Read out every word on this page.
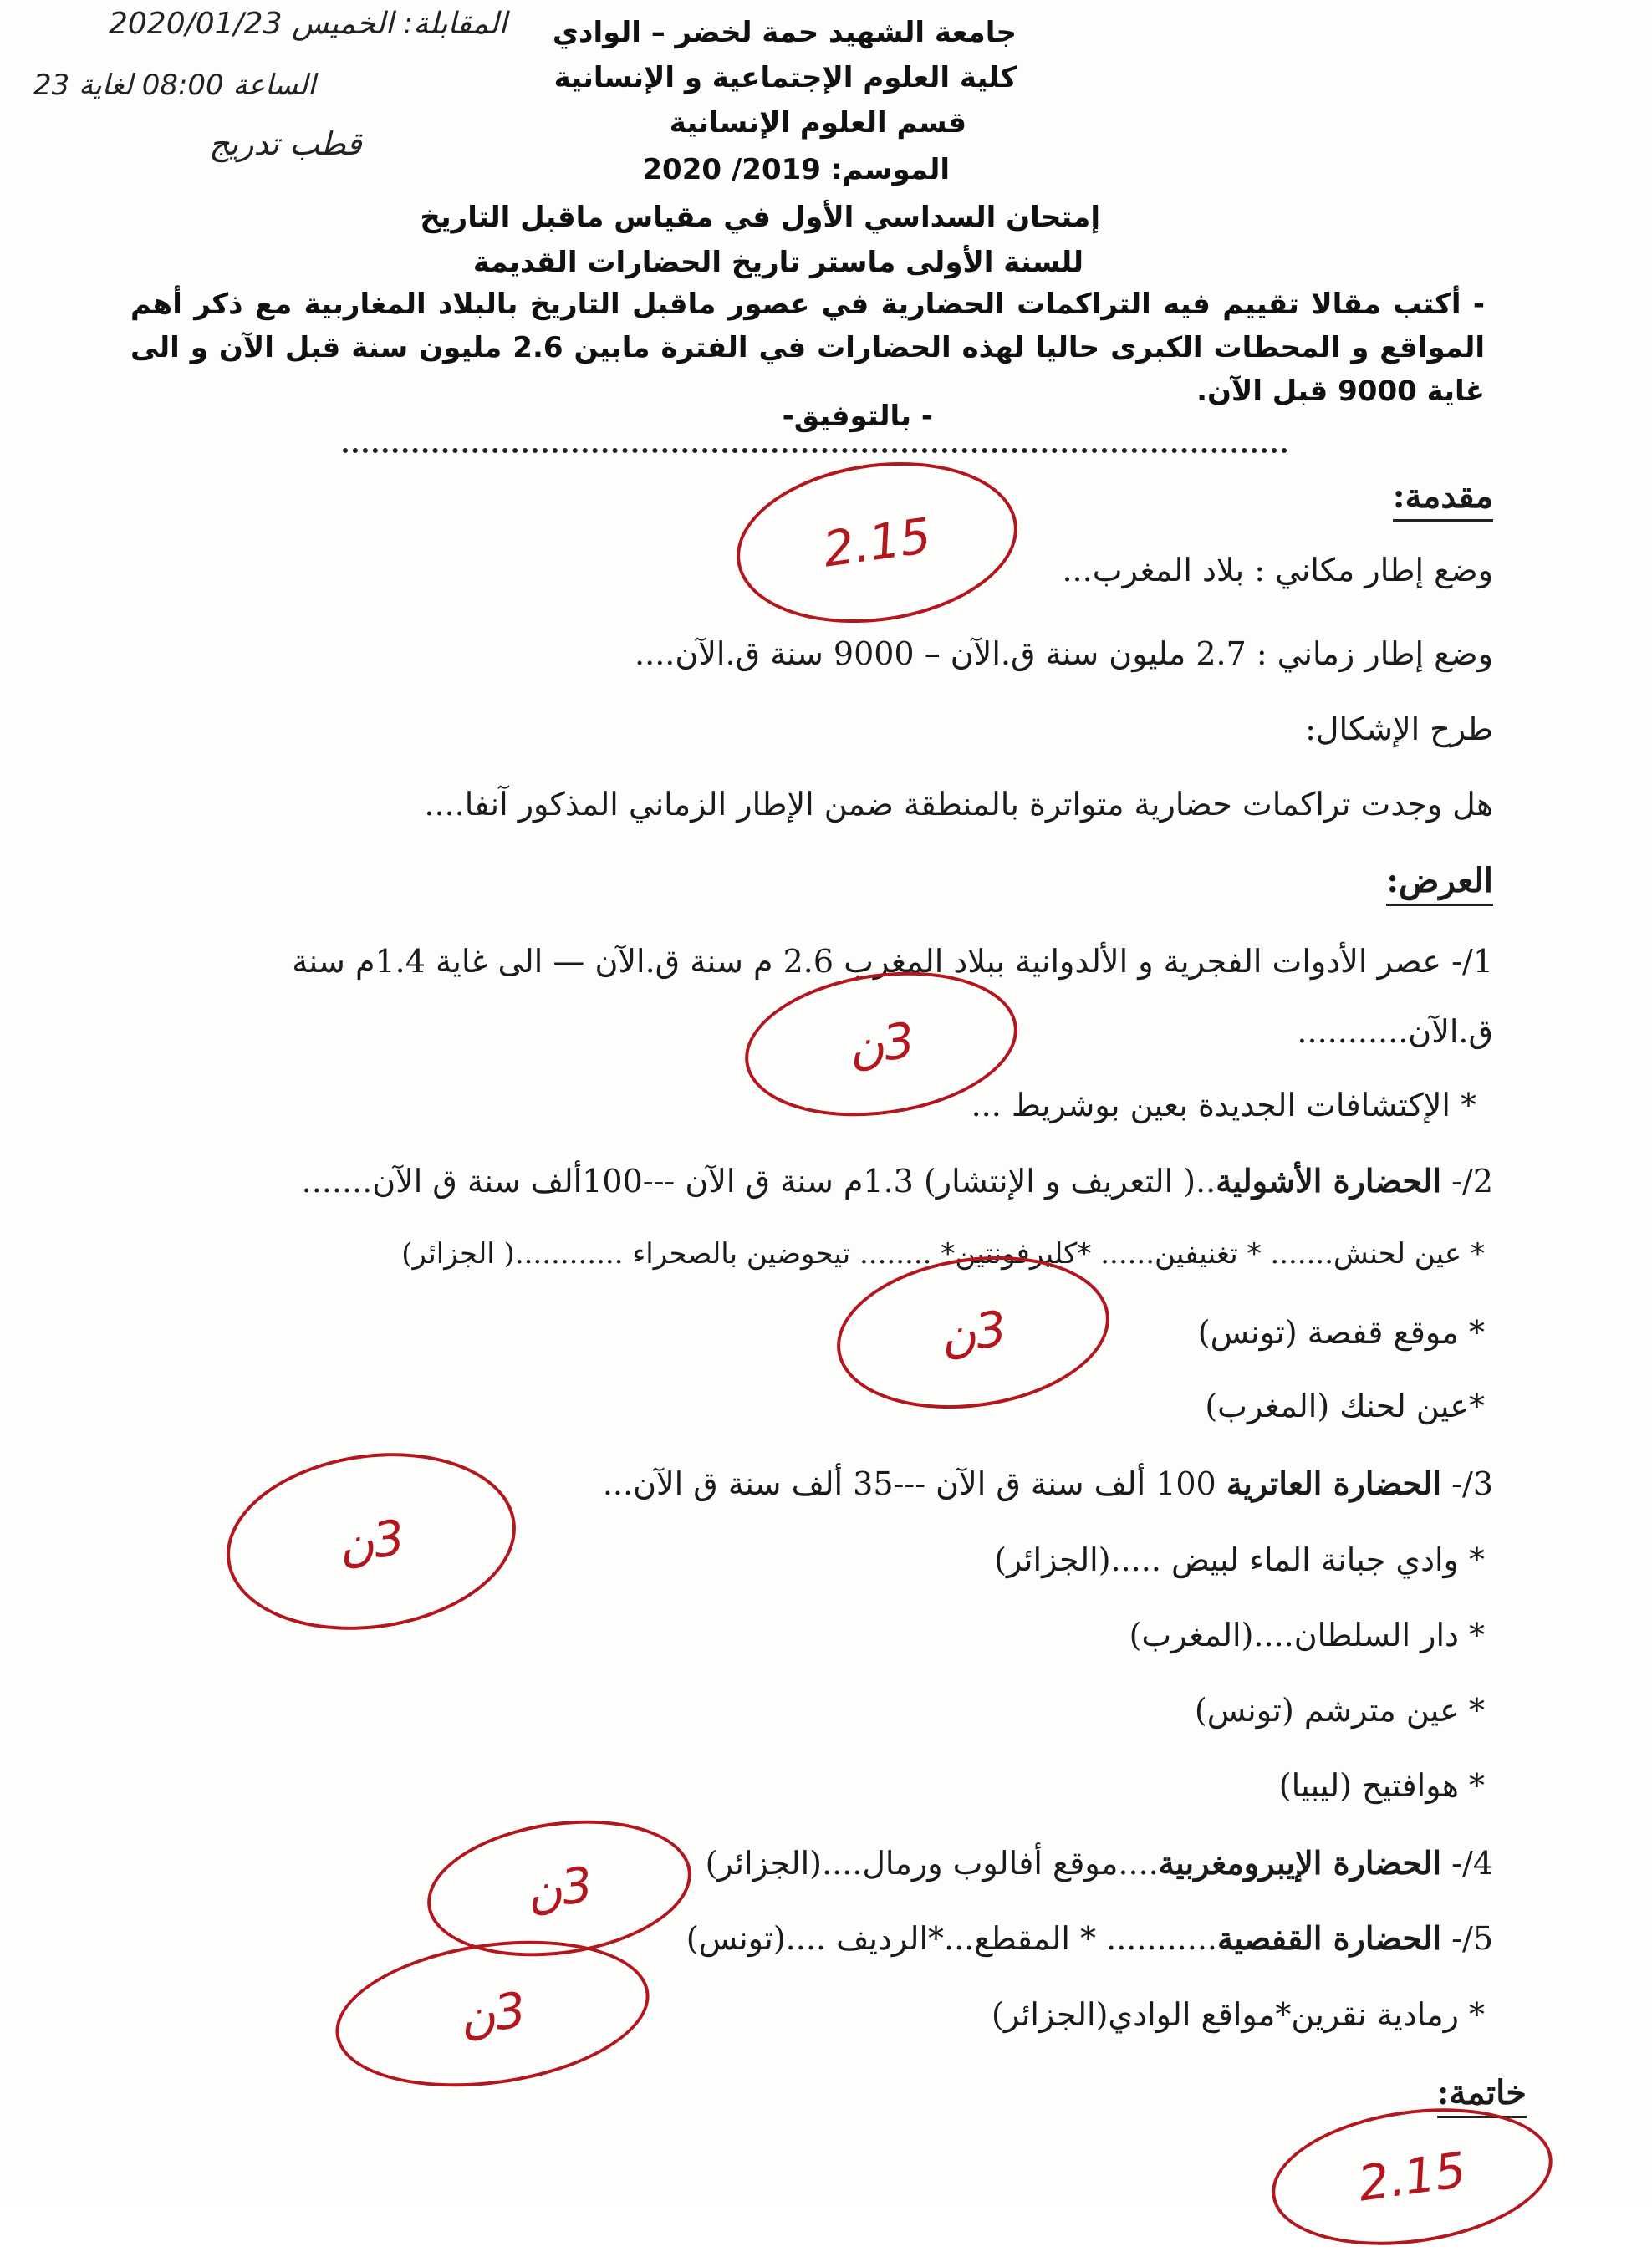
المقابلة: الخميس 2020/01/23
الساعة 08:00 لغاية 23
قطب تدريج
جامعة الشهيد حمة لخضر – الوادي
كلية العلوم الإجتماعية و الإنسانية
قسم العلوم الإنسانية
الموسم: 2019/ 2020
إمتحان السداسي الأول في مقياس ماقبل التاريخ
للسنة الأولى ماستر تاريخ الحضارات القديمة
- أكتب مقالا تقييم فيه التراكمات الحضارية في عصور ماقبل التاريخ بالبلاد المغاربية مع ذكر أهم المواقع و المحطات الكبرى حاليا لهذه الحضارات في الفترة مابين 2.6 مليون سنة قبل الآن و الى غاية 9000 قبل الآن.
- بالتوفيق-
مقدمة:
وضع إطار مكاني : بلاد المغرب...
وضع إطار زماني : 2.7 مليون سنة ق.الآن – 9000 سنة ق.الآن....
طرح الإشكال:
هل وجدت تراكمات حضارية متواترة بالمنطقة ضمن الإطار الزماني المذكور آنفا....
العرض:
1/- عصر الأدوات الفجرية و الألدوانية ببلاد المغرب 2.6 م سنة ق.الآن — الى غاية 1.4م سنة ق.الآن...........
* الإكتشافات الجديدة بعين بوشريط ...
2/- الحضارة الأشولية..( التعريف و الإنتشار) 1.3م سنة ق الآن ---100ألف سنة ق الآن.......
* عين لحنش....... * تغنيفين...... *كليرفونتين* ........ تيحوضين بالصحراء ............( الجزائر)
* موقع قفصة (تونس)
*عين لحنك (المغرب)
3/- الحضارة العاترية 100 ألف سنة ق الآن ---35 ألف سنة ق الآن...
* وادي جبانة الماء لبيض .....(الجزائر)
* دار السلطان....(المغرب)
* عين مترشم (تونس)
* هوافتيح (ليبيا)
4/- الحضارة الإيبرومغربية....موقع أفالوب ورمال....(الجزائر)
5/- الحضارة القفصية........... * المقطع...*الرديف ....(تونس)
* رمادية نقرين*مواقع الوادي(الجزائر)
خاتمة:
2.15
3ن
3ن
3ن
3ن
3ن
2.15
